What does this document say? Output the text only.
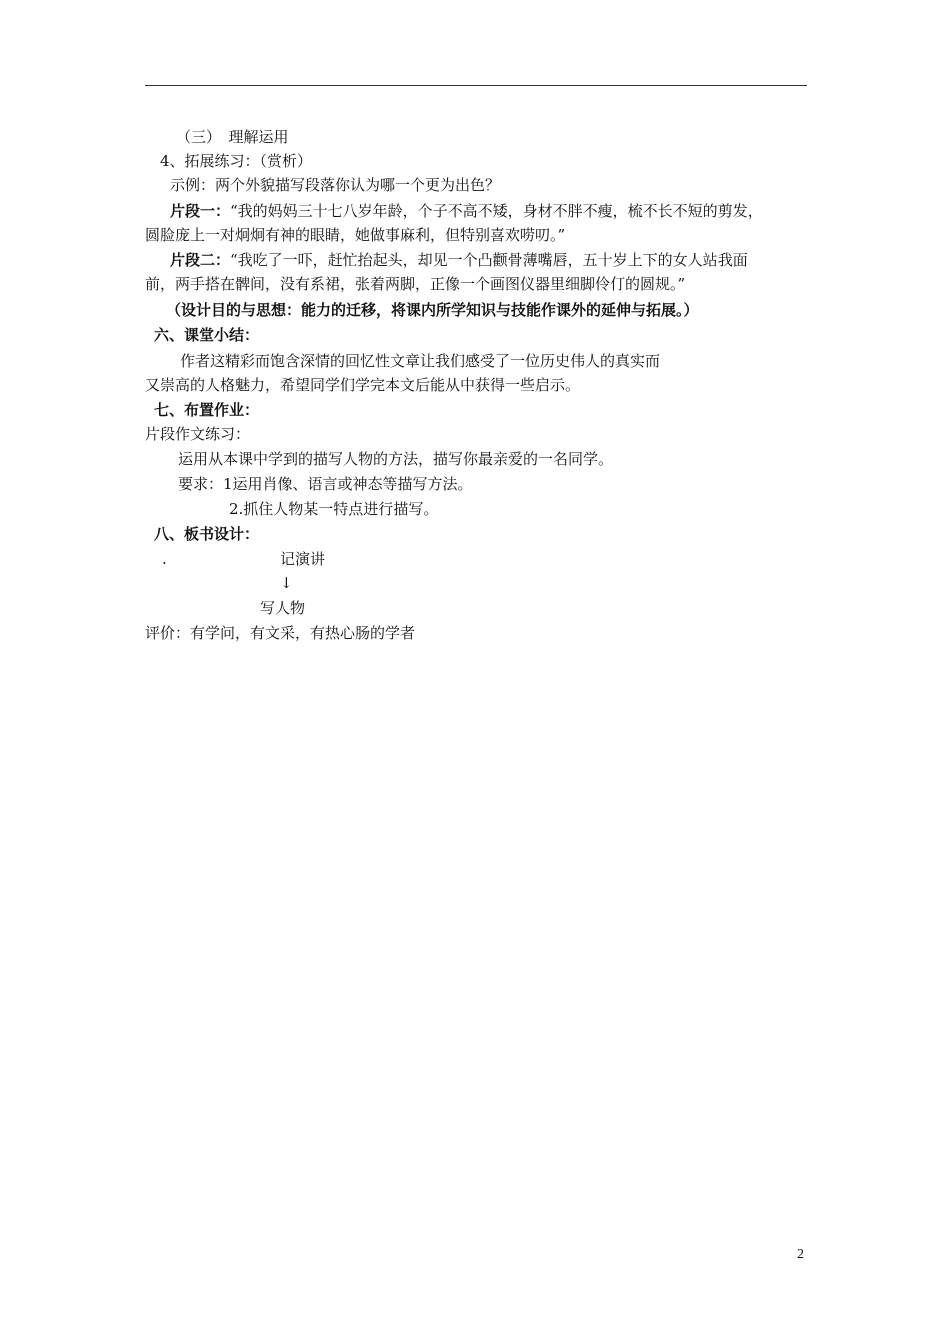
（三）　理解运用
4、拓展练习：（赏析）
示例：两个外貌描写段落你认为哪一个更为出色？
片段一：“我的妈妈三十七八岁年龄，个子不高不矮，身材不胖不瘦，梳不长不短的剪发，
圆脸庞上一对炯炯有神的眼睛，她做事麻利，但特别喜欢唠叨。”
片段二：“我吃了一吓，赶忙抬起头，却见一个凸颧骨薄嘴唇，五十岁上下的女人站我面
前，两手搭在髀间，没有系裙，张着两脚，正像一个画图仪器里细脚伶仃的圆规。”
（设计目的与思想：能力的迁移，将课内所学知识与技能作课外的延伸与拓展。）
六、课堂小结：
作者这精彩而饱含深情的回忆性文章让我们感受了一位历史伟人的真实而
又崇高的人格魅力，希望同学们学完本文后能从中获得一些启示。
七、布置作业：
片段作文练习：
运用从本课中学到的描写人物的方法，描写你最亲爱的一名同学。
要求：1运用肖像、语言或神态等描写方法。
2.抓住人物某一特点进行描写。
八、板书设计：
.	记演讲
↓
写人物
评价：有学问，有文采，有热心肠的学者
2
